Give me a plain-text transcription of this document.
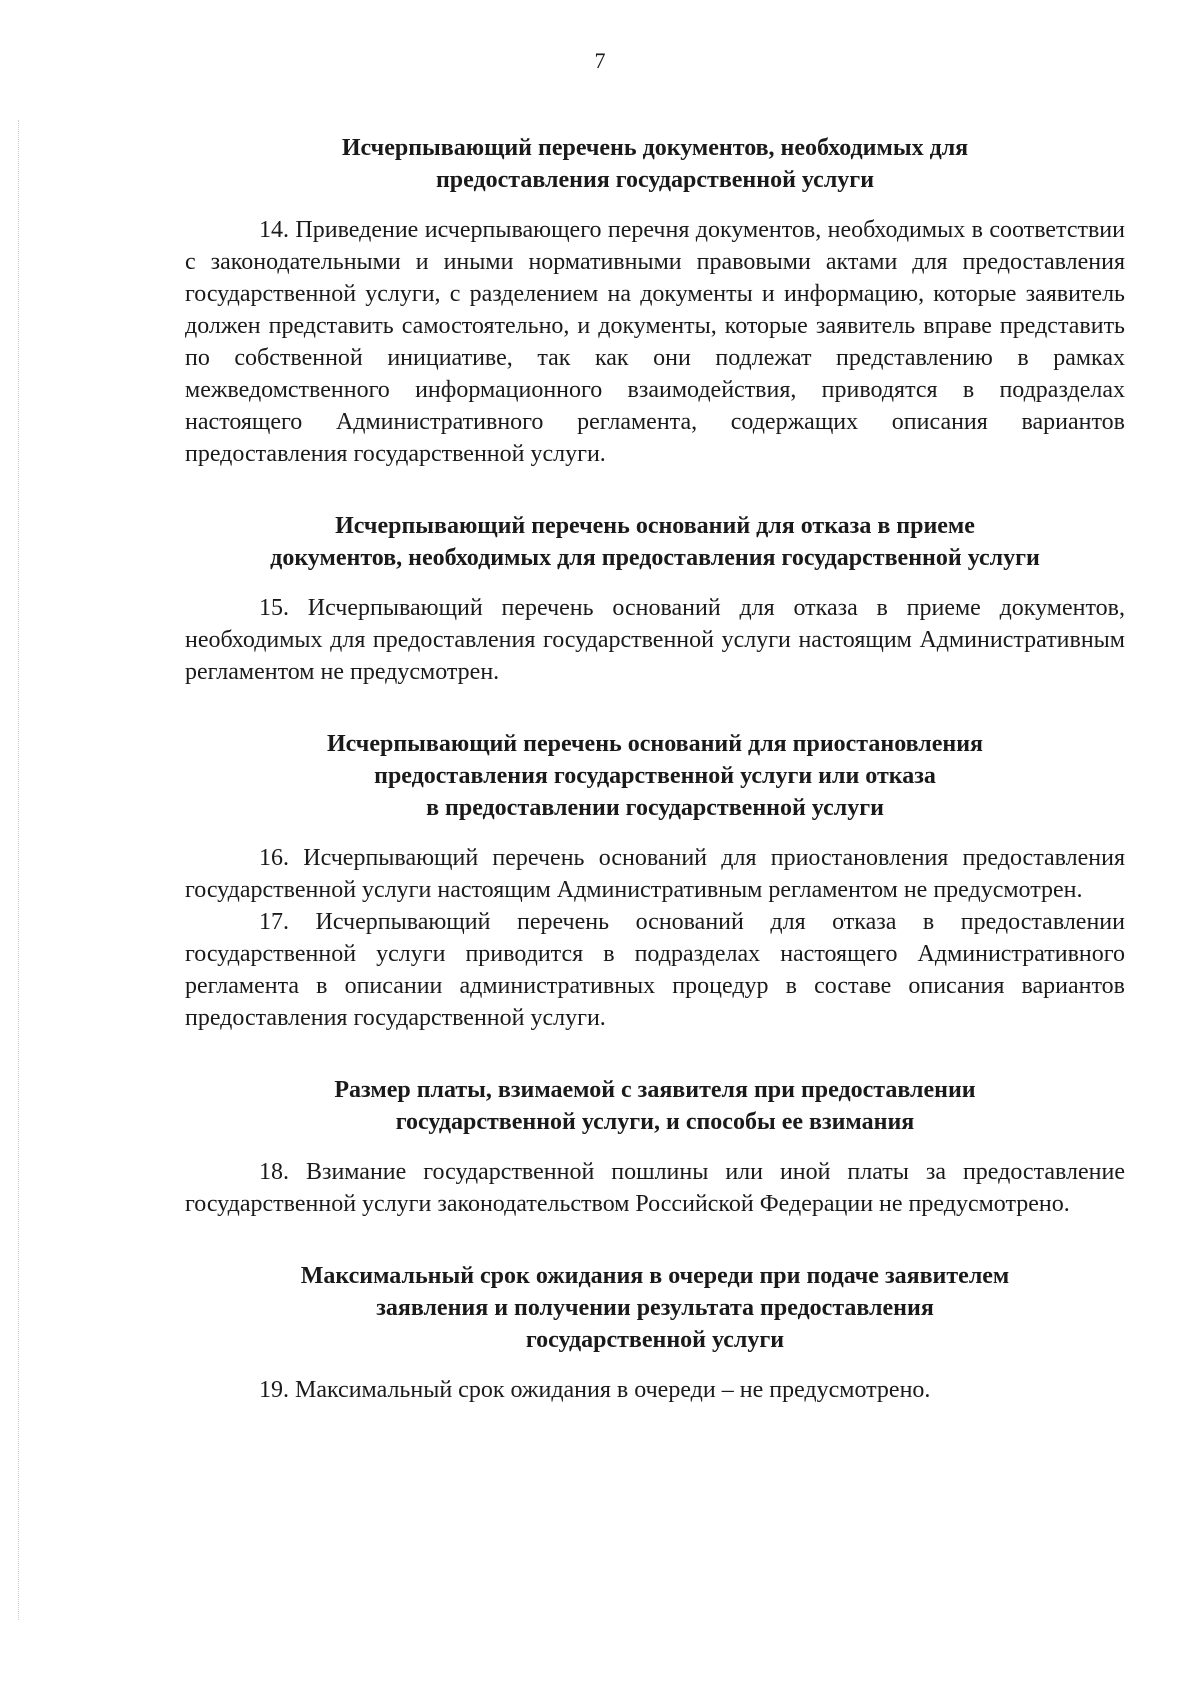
7
Исчерпывающий перечень документов, необходимых для
предоставления государственной услуги

14. Приведение исчерпывающего перечня документов, необходимых в соответствии с законодательными и иными нормативными правовыми актами для предоставления государственной услуги, с разделением на документы и информацию, которые заявитель должен представить самостоятельно, и документы, которые заявитель вправе представить по собственной инициативе, так как они подлежат представлению в рамках межведомственного информационного взаимодействия, приводятся в подразделах настоящего Административного регламента, содержащих описания вариантов предоставления государственной услуги.

Исчерпывающий перечень оснований для отказа в приеме
документов, необходимых для предоставления государственной услуги

15. Исчерпывающий перечень оснований для отказа в приеме документов, необходимых для предоставления государственной услуги настоящим Административным регламентом не предусмотрен.

Исчерпывающий перечень оснований для приостановления
предоставления государственной услуги или отказа
в предоставлении государственной услуги

16. Исчерпывающий перечень оснований для приостановления предоставления государственной услуги настоящим Административным регламентом не предусмотрен.

17. Исчерпывающий перечень оснований для отказа в предоставлении государственной услуги приводится в подразделах настоящего Административного регламента в описании административных процедур в составе описания вариантов предоставления государственной услуги.

Размер платы, взимаемой с заявителя при предоставлении
государственной услуги, и способы ее взимания

18. Взимание государственной пошлины или иной платы за предоставление государственной услуги законодательством Российской Федерации не предусмотрено.

Максимальный срок ожидания в очереди при подаче заявителем
заявления и получении результата предоставления
государственной услуги

19. Максимальный срок ожидания в очереди – не предусмотрено.
